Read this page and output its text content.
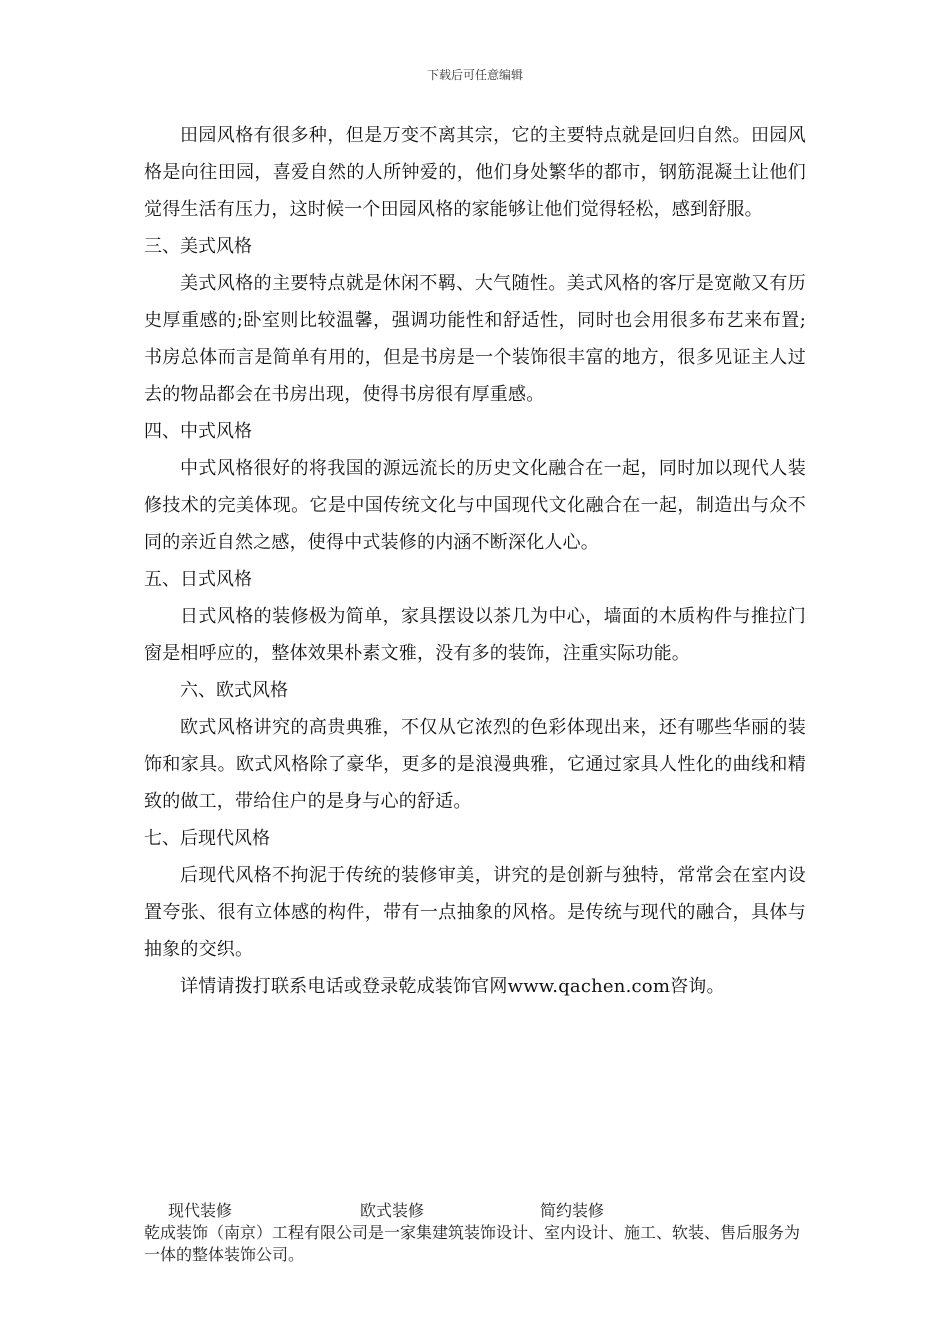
下载后可任意编辑

田园风格有很多种，但是万变不离其宗，它的主要特点就是回归自然。田园风格是向往田园，喜爱自然的人所钟爱的，他们身处繁华的都市，钢筋混凝土让他们觉得生活有压力，这时候一个田园风格的家能够让他们觉得轻松，感到舒服。

三、美式风格

美式风格的主要特点就是休闲不羁、大气随性。美式风格的客厅是宽敞又有历史厚重感的;卧室则比较温馨，强调功能性和舒适性，同时也会用很多布艺来布置;书房总体而言是简单有用的，但是书房是一个装饰很丰富的地方，很多见证主人过去的物品都会在书房出现，使得书房很有厚重感。

四、中式风格

中式风格很好的将我国的源远流长的历史文化融合在一起，同时加以现代人装修技术的完美体现。它是中国传统文化与中国现代文化融合在一起，制造出与众不同的亲近自然之感，使得中式装修的内涵不断深化人心。

五、日式风格

日式风格的装修极为简单，家具摆设以茶几为中心，墙面的木质构件与推拉门窗是相呼应的，整体效果朴素文雅，没有多的装饰，注重实际功能。

六、欧式风格

欧式风格讲究的高贵典雅，不仅从它浓烈的色彩体现出来，还有哪些华丽的装饰和家具。欧式风格除了豪华，更多的是浪漫典雅，它通过家具人性化的曲线和精致的做工，带给住户的是身与心的舒适。

七、后现代风格

后现代风格不拘泥于传统的装修审美，讲究的是创新与独特，常常会在室内设置夸张、很有立体感的构件，带有一点抽象的风格。是传统与现代的融合，具体与抽象的交织。

详情请拨打联系电话或登录乾成装饰官网www.qachen.com咨询。

现代装修	欧式装修	简约装修

乾成装饰（南京）工程有限公司是一家集建筑装饰设计、室内设计、施工、软装、售后服务为一体的整体装饰公司。
